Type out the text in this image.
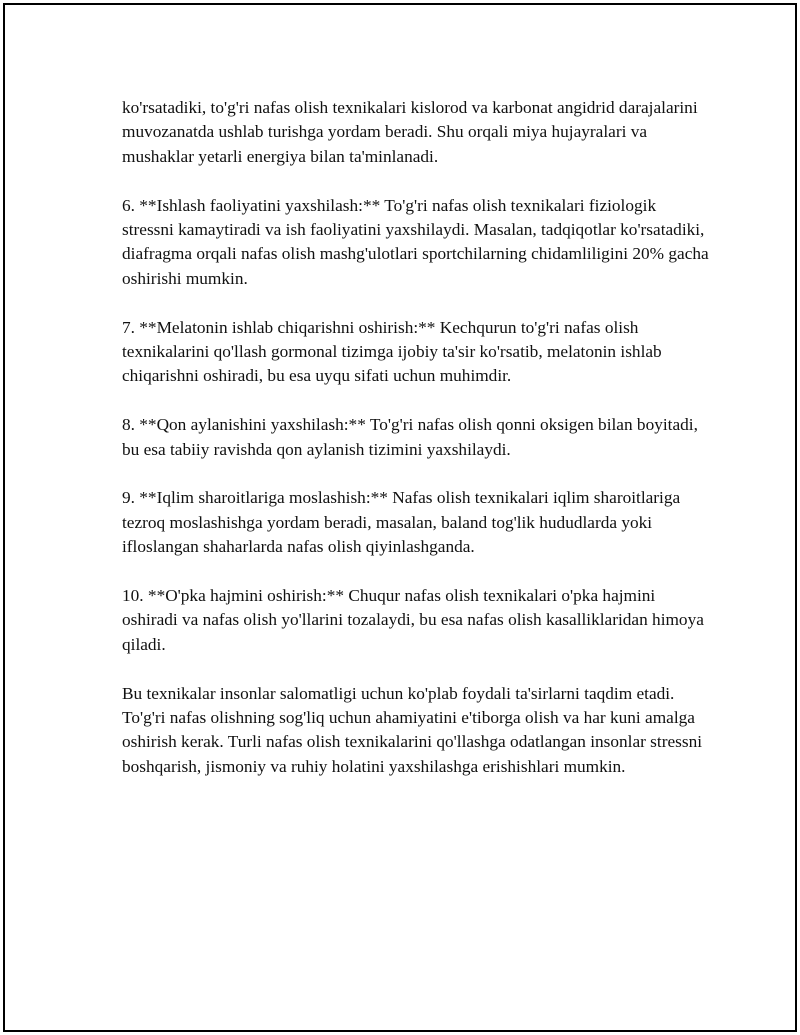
ko'rsatadiki, to'g'ri nafas olish texnikalari kislorod va karbonat angidrid darajalarini muvozanatda ushlab turishga yordam beradi. Shu orqali miya hujayralari va mushaklar yetarli energiya bilan ta'minlanadi.

6. **Ishlash faoliyatini yaxshilash:** To'g'ri nafas olish texnikalari fiziologik stressni kamaytiradi va ish faoliyatini yaxshilaydi. Masalan, tadqiqotlar ko'rsatadiki, diafragma orqali nafas olish mashg'ulotlari sportchilarning chidamliligini 20% gacha oshirishi mumkin.

7. **Melatonin ishlab chiqarishni oshirish:** Kechqurun to'g'ri nafas olish texnikalarini qo'llash gormonal tizimga ijobiy ta'sir ko'rsatib, melatonin ishlab chiqarishni oshiradi, bu esa uyqu sifati uchun muhimdir.

8. **Qon aylanishini yaxshilash:** To'g'ri nafas olish qonni oksigen bilan boyitadi, bu esa tabiiy ravishda qon aylanish tizimini yaxshilaydi.

9. **Iqlim sharoitlariga moslashish:** Nafas olish texnikalari iqlim sharoitlariga tezroq moslashishga yordam beradi, masalan, baland tog'lik hududlarda yoki ifloslangan shaharlarda nafas olish qiyinlashganda.

10. **O'pka hajmini oshirish:** Chuqur nafas olish texnikalari o'pka hajmini oshiradi va nafas olish yo'llarini tozalaydi, bu esa nafas olish kasalliklaridan himoya qiladi.

Bu texnikalar insonlar salomatligi uchun ko'plab foydali ta'sirlarni taqdim etadi. To'g'ri nafas olishning sog'liq uchun ahamiyatini e'tiborga olish va har kuni amalga oshirish kerak. Turli nafas olish texnikalarini qo'llashga odatlangan insonlar stressni boshqarish, jismoniy va ruhiy holatini yaxshilashga erishishlari mumkin.
